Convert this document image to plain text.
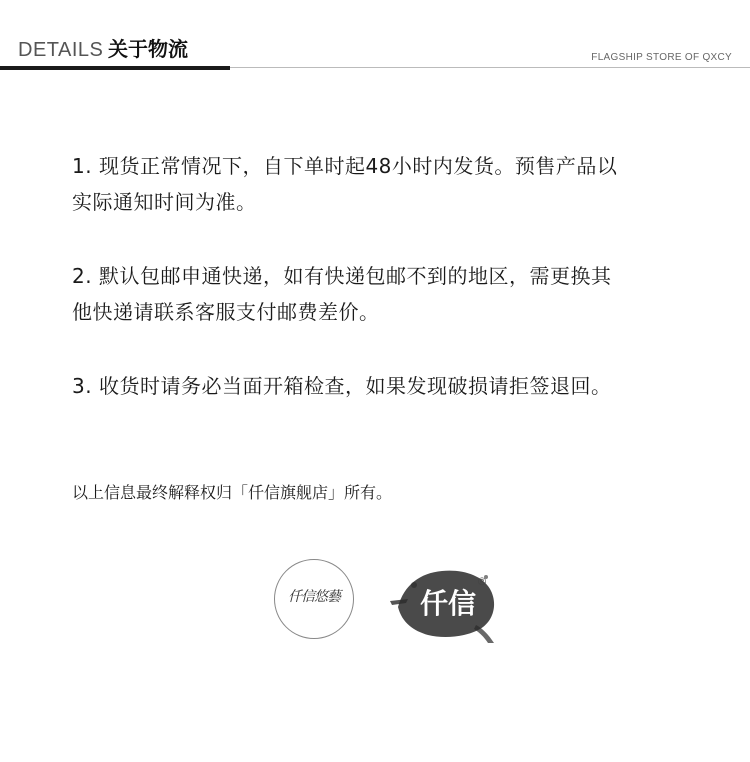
DETAILS 关于物流	FLAGSHIP STORE OF QXCY

1. 现货正常情况下，自下单时起48小时内发货。预售产品以
实际通知时间为准。

2. 默认包邮申通快递，如有快递包邮不到的地区，需更换其
他快递请联系客服支付邮费差价。

3. 收货时请务必当面开箱检查，如果发现破损请拒签退回。

以上信息最终解释权归「仟信旗舰店」所有。
仟信悠藝	仟信
®
